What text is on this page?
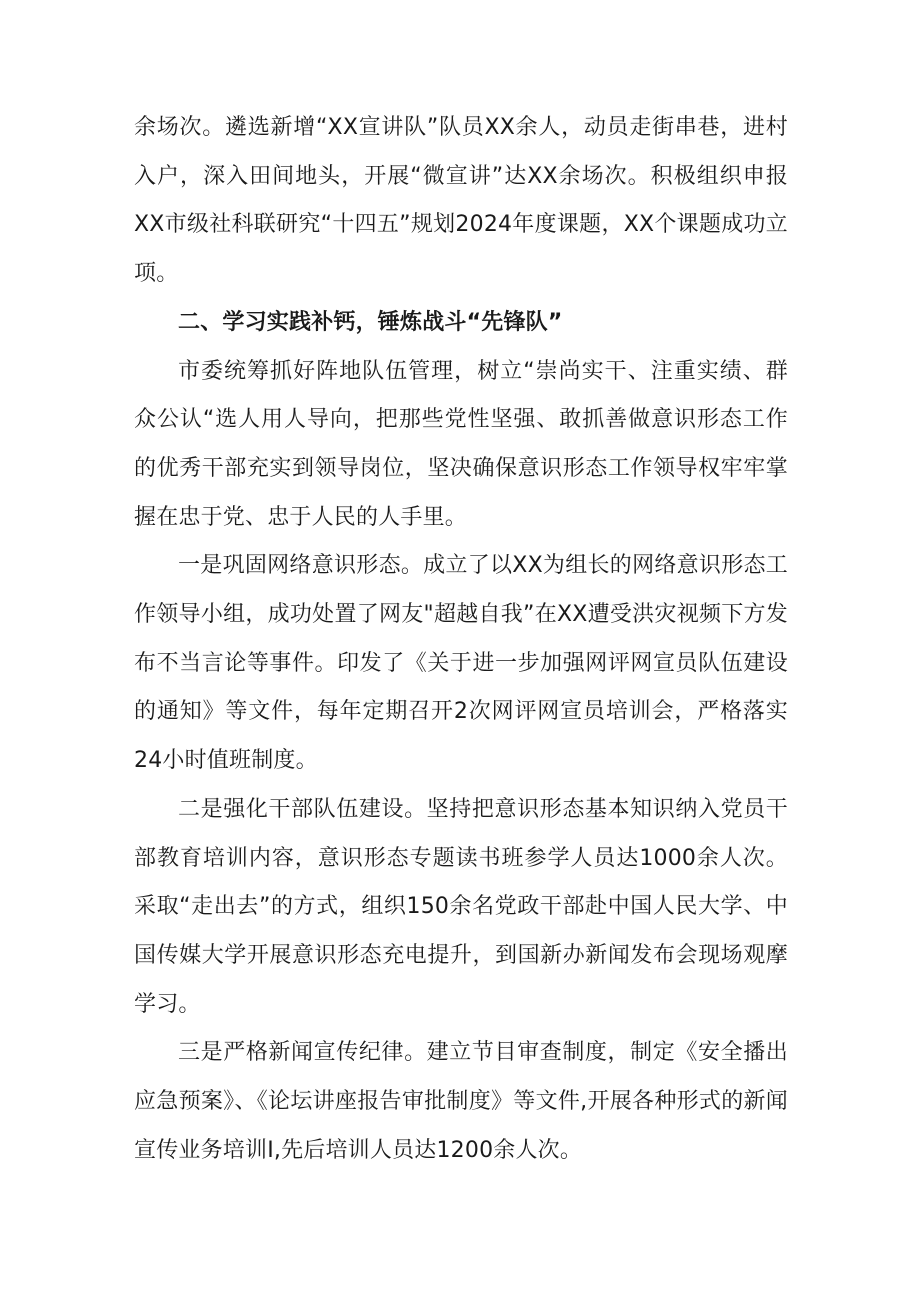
余场次。遴选新增“XX宣讲队”队员XX余人，动员走街串巷，进村入户，深入田间地头，开展“微宣讲”达XX余场次。积极组织申报XX市级社科联研究“十四五”规划2024年度课题，XX个课题成功立项。

二、学习实践补钙，锤炼战斗“先锋队”

市委统筹抓好阵地队伍管理，树立“崇尚实干、注重实绩、群众公认“选人用人导向，把那些党性坚强、敢抓善做意识形态工作的优秀干部充实到领导岗位，坚决确保意识形态工作领导权牢牢掌握在忠于党、忠于人民的人手里。

一是巩固网络意识形态。成立了以XX为组长的网络意识形态工作领导小组，成功处置了网友"超越自我”在XX遭受洪灾视频下方发布不当言论等事件。印发了《关于进一步加强网评网宣员队伍建设的通知》等文件，每年定期召开2次网评网宣员培训会，严格落实24小时值班制度。

二是强化干部队伍建设。坚持把意识形态基本知识纳入党员干部教育培训内容，意识形态专题读书班参学人员达1000余人次。采取“走出去”的方式，组织150余名党政干部赴中国人民大学、中国传媒大学开展意识形态充电提升，到国新办新闻发布会现场观摩学习。

三是严格新闻宣传纪律。建立节目审查制度，制定《安全播出应急预案》、《论坛讲座报告审批制度》等文件,开展各种形式的新闻宣传业务培训I,先后培训人员达1200余人次。
